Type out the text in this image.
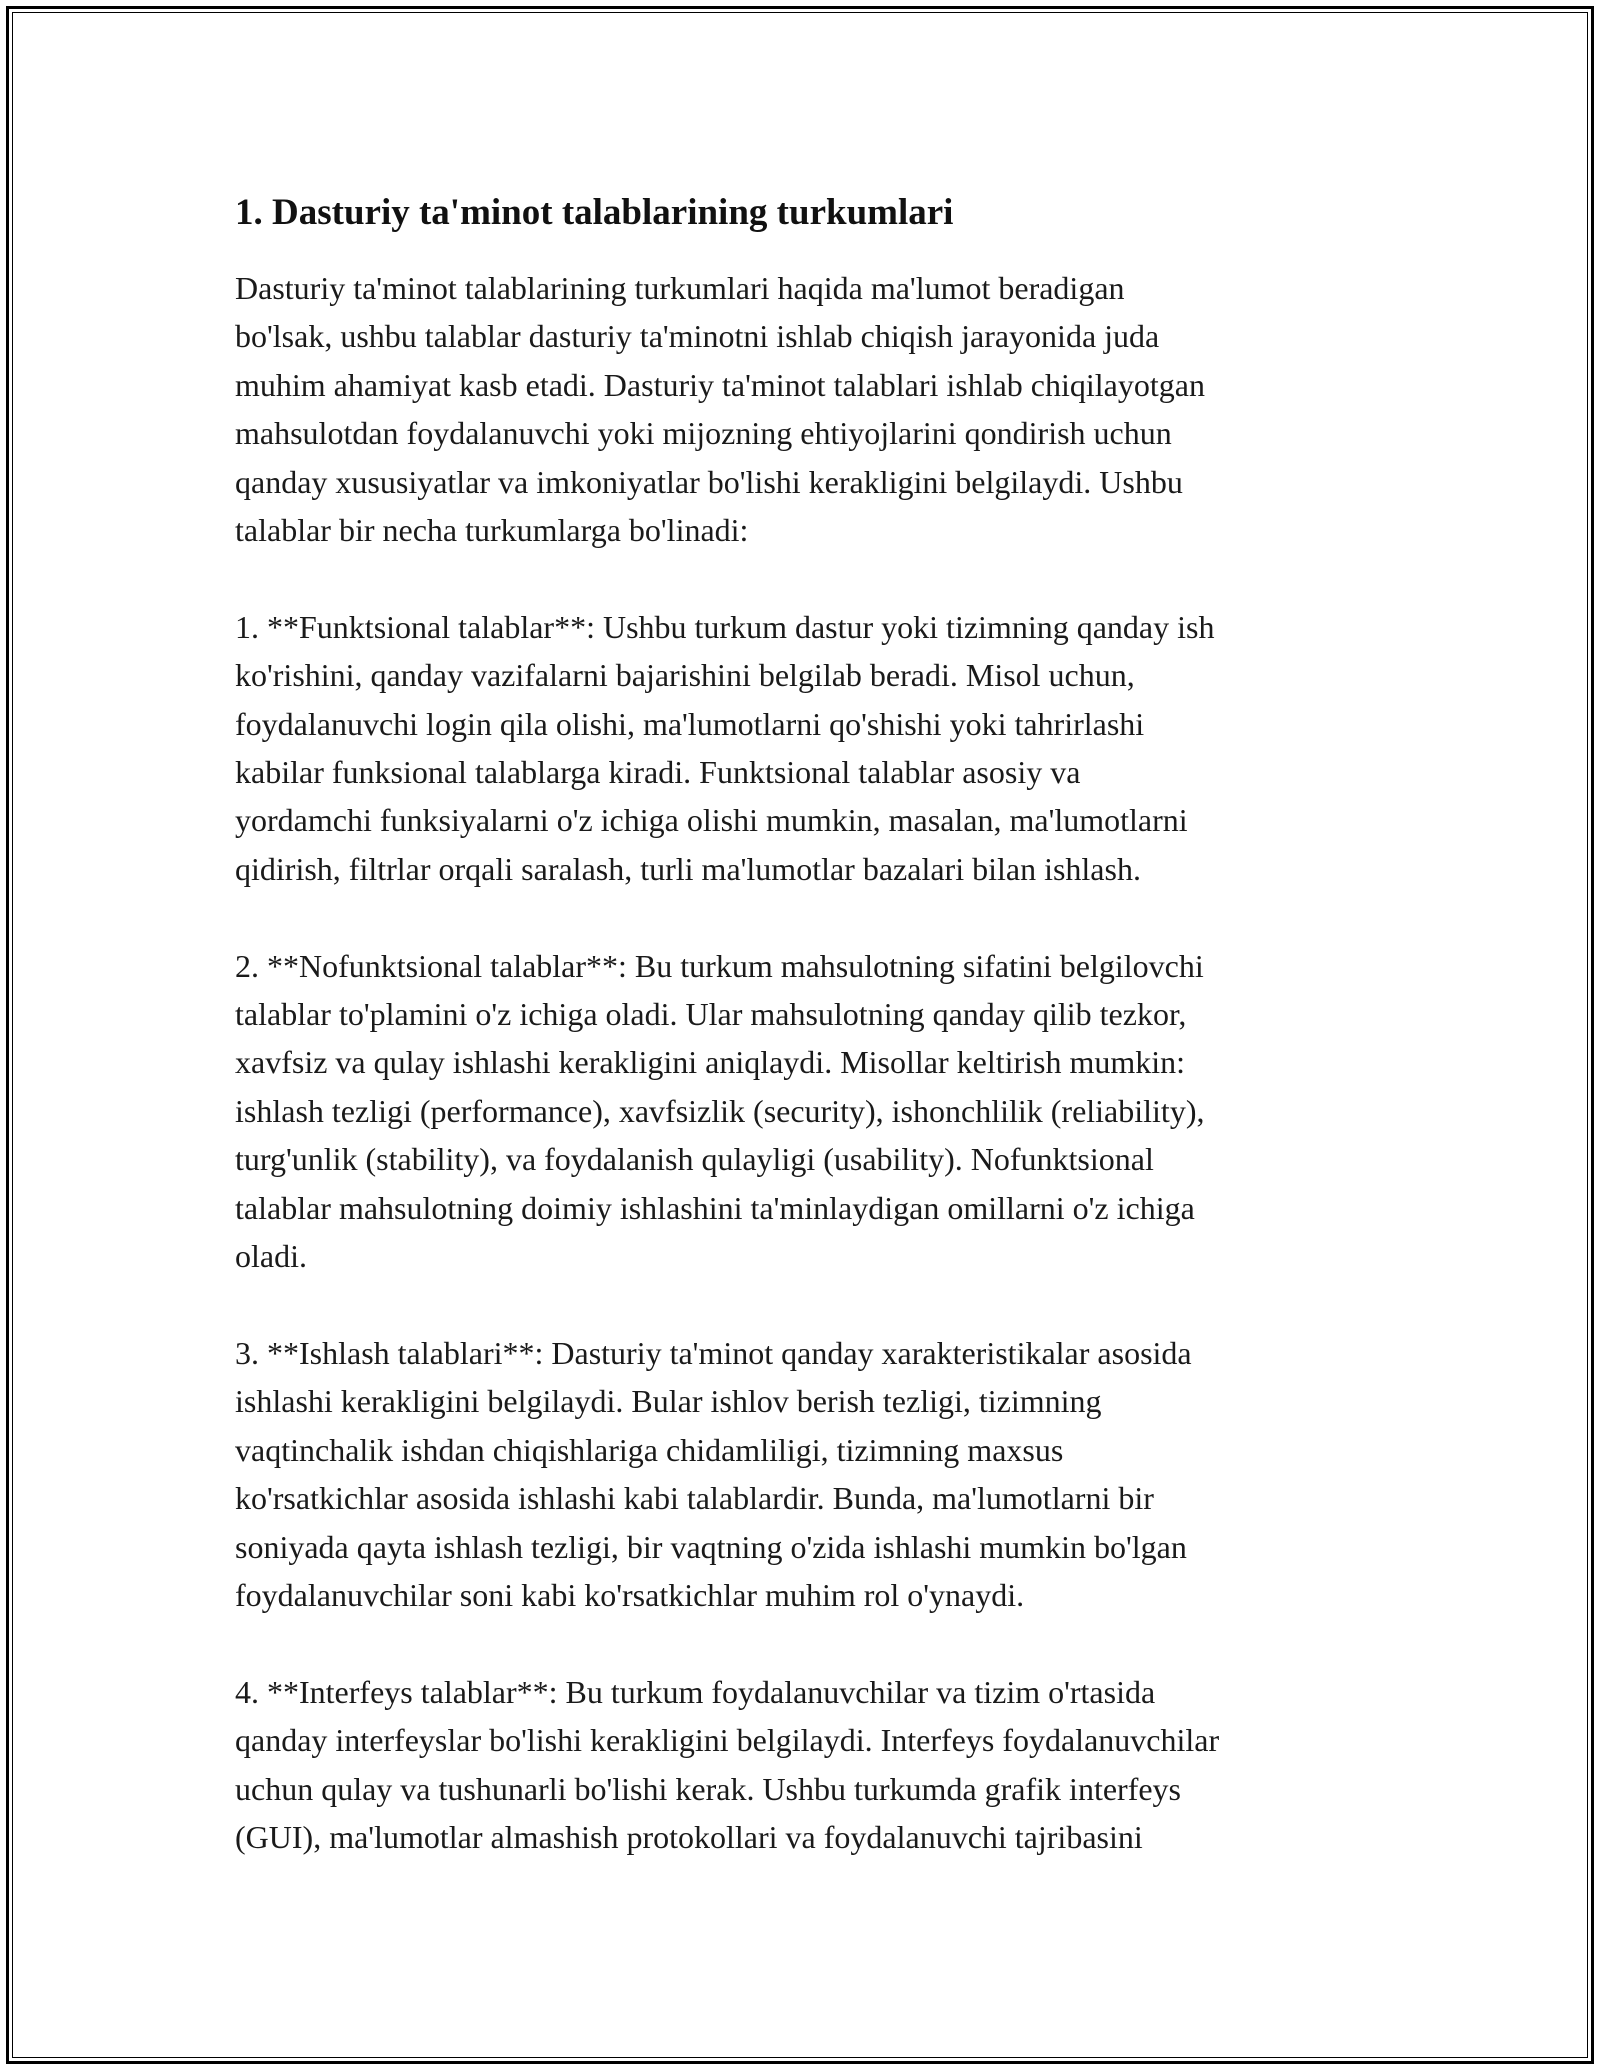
1. Dasturiy ta'minot talablarining turkumlari

Dasturiy ta'minot talablarining turkumlari haqida ma'lumot beradigan
bo'lsak, ushbu talablar dasturiy ta'minotni ishlab chiqish jarayonida juda
muhim ahamiyat kasb etadi. Dasturiy ta'minot talablari ishlab chiqilayotgan
mahsulotdan foydalanuvchi yoki mijozning ehtiyojlarini qondirish uchun
qanday xususiyatlar va imkoniyatlar bo'lishi kerakligini belgilaydi. Ushbu
talablar bir necha turkumlarga bo'linadi:

1. **Funktsional talablar**: Ushbu turkum dastur yoki tizimning qanday ish
ko'rishini, qanday vazifalarni bajarishini belgilab beradi. Misol uchun,
foydalanuvchi login qila olishi, ma'lumotlarni qo'shishi yoki tahrirlashi
kabilar funksional talablarga kiradi. Funktsional talablar asosiy va
yordamchi funksiyalarni o'z ichiga olishi mumkin, masalan, ma'lumotlarni
qidirish, filtrlar orqali saralash, turli ma'lumotlar bazalari bilan ishlash.

2. **Nofunktsional talablar**: Bu turkum mahsulotning sifatini belgilovchi
talablar to'plamini o'z ichiga oladi. Ular mahsulotning qanday qilib tezkor,
xavfsiz va qulay ishlashi kerakligini aniqlaydi. Misollar keltirish mumkin:
ishlash tezligi (performance), xavfsizlik (security), ishonchlilik (reliability),
turg'unlik (stability), va foydalanish qulayligi (usability). Nofunktsional
talablar mahsulotning doimiy ishlashini ta'minlaydigan omillarni o'z ichiga
oladi.

3. **Ishlash talablari**: Dasturiy ta'minot qanday xarakteristikalar asosida
ishlashi kerakligini belgilaydi. Bular ishlov berish tezligi, tizimning
vaqtinchalik ishdan chiqishlariga chidamliligi, tizimning maxsus
ko'rsatkichlar asosida ishlashi kabi talablardir. Bunda, ma'lumotlarni bir
soniyada qayta ishlash tezligi, bir vaqtning o'zida ishlashi mumkin bo'lgan
foydalanuvchilar soni kabi ko'rsatkichlar muhim rol o'ynaydi.

4. **Interfeys talablar**: Bu turkum foydalanuvchilar va tizim o'rtasida
qanday interfeyslar bo'lishi kerakligini belgilaydi. Interfeys foydalanuvchilar
uchun qulay va tushunarli bo'lishi kerak. Ushbu turkumda grafik interfeys
(GUI), ma'lumotlar almashish protokollari va foydalanuvchi tajribasini
